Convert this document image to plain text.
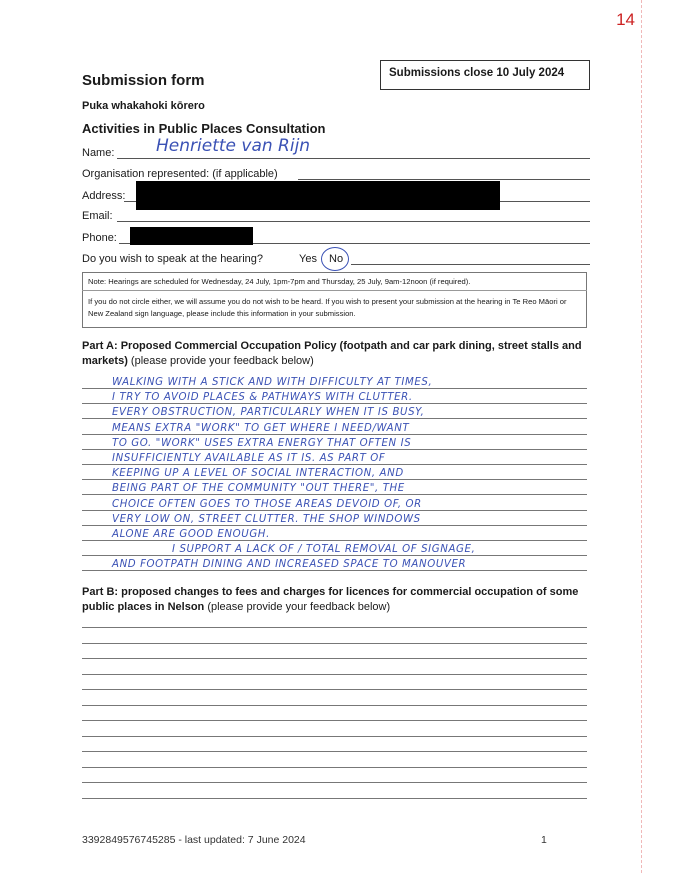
14
Submission form	Submissions close 10 July 2024
Puka whakahoki kōrero
Activities in Public Places Consultation
Name: Henriette van Rijn
Organisation represented: (if applicable)
Address:
Email:
Phone:
Do you wish to speak at the hearing?	Yes No
Note: Hearings are scheduled for Wednesday, 24 July, 1pm-7pm and Thursday, 25 July, 9am-12noon (if required).
If you do not circle either, we will assume you do not wish to be heard. If you wish to present your submission at the hearing in Te Reo Māori or New Zealand sign language, please include this information in your submission.
Part A: Proposed Commercial Occupation Policy (footpath and car park dining, street stalls and markets) (please provide your feedback below)
WALKING WITH A STICK AND WITH DIFFICULTY AT TIMES,
I TRY TO AVOID PLACES & PATHWAYS WITH CLUTTER.
EVERY OBSTRUCTION, PARTICULARLY WHEN IT IS BUSY,
MEANS EXTRA "WORK" TO GET WHERE I NEED/WANT
TO GO. "WORK" USES EXTRA ENERGY THAT OFTEN IS
INSUFFICIENTLY AVAILABLE AS IT IS. AS PART OF
KEEPING UP A LEVEL OF SOCIAL INTERACTION, AND
BEING PART OF THE COMMUNITY "OUT THERE", THE
CHOICE OFTEN GOES TO THOSE AREAS DEVOID OF, OR
VERY LOW ON, STREET CLUTTER. THE SHOP WINDOWS
ALONE ARE GOOD ENOUGH.
I SUPPORT A LACK OF / TOTAL REMOVAL OF SIGNAGE,
AND FOOTPATH DINING AND INCREASED SPACE TO MANOUVER
Part B: proposed changes to fees and charges for licences for commercial occupation of some public places in Nelson (please provide your feedback below)
3392849576745285 - last updated: 7 June 2024	1
